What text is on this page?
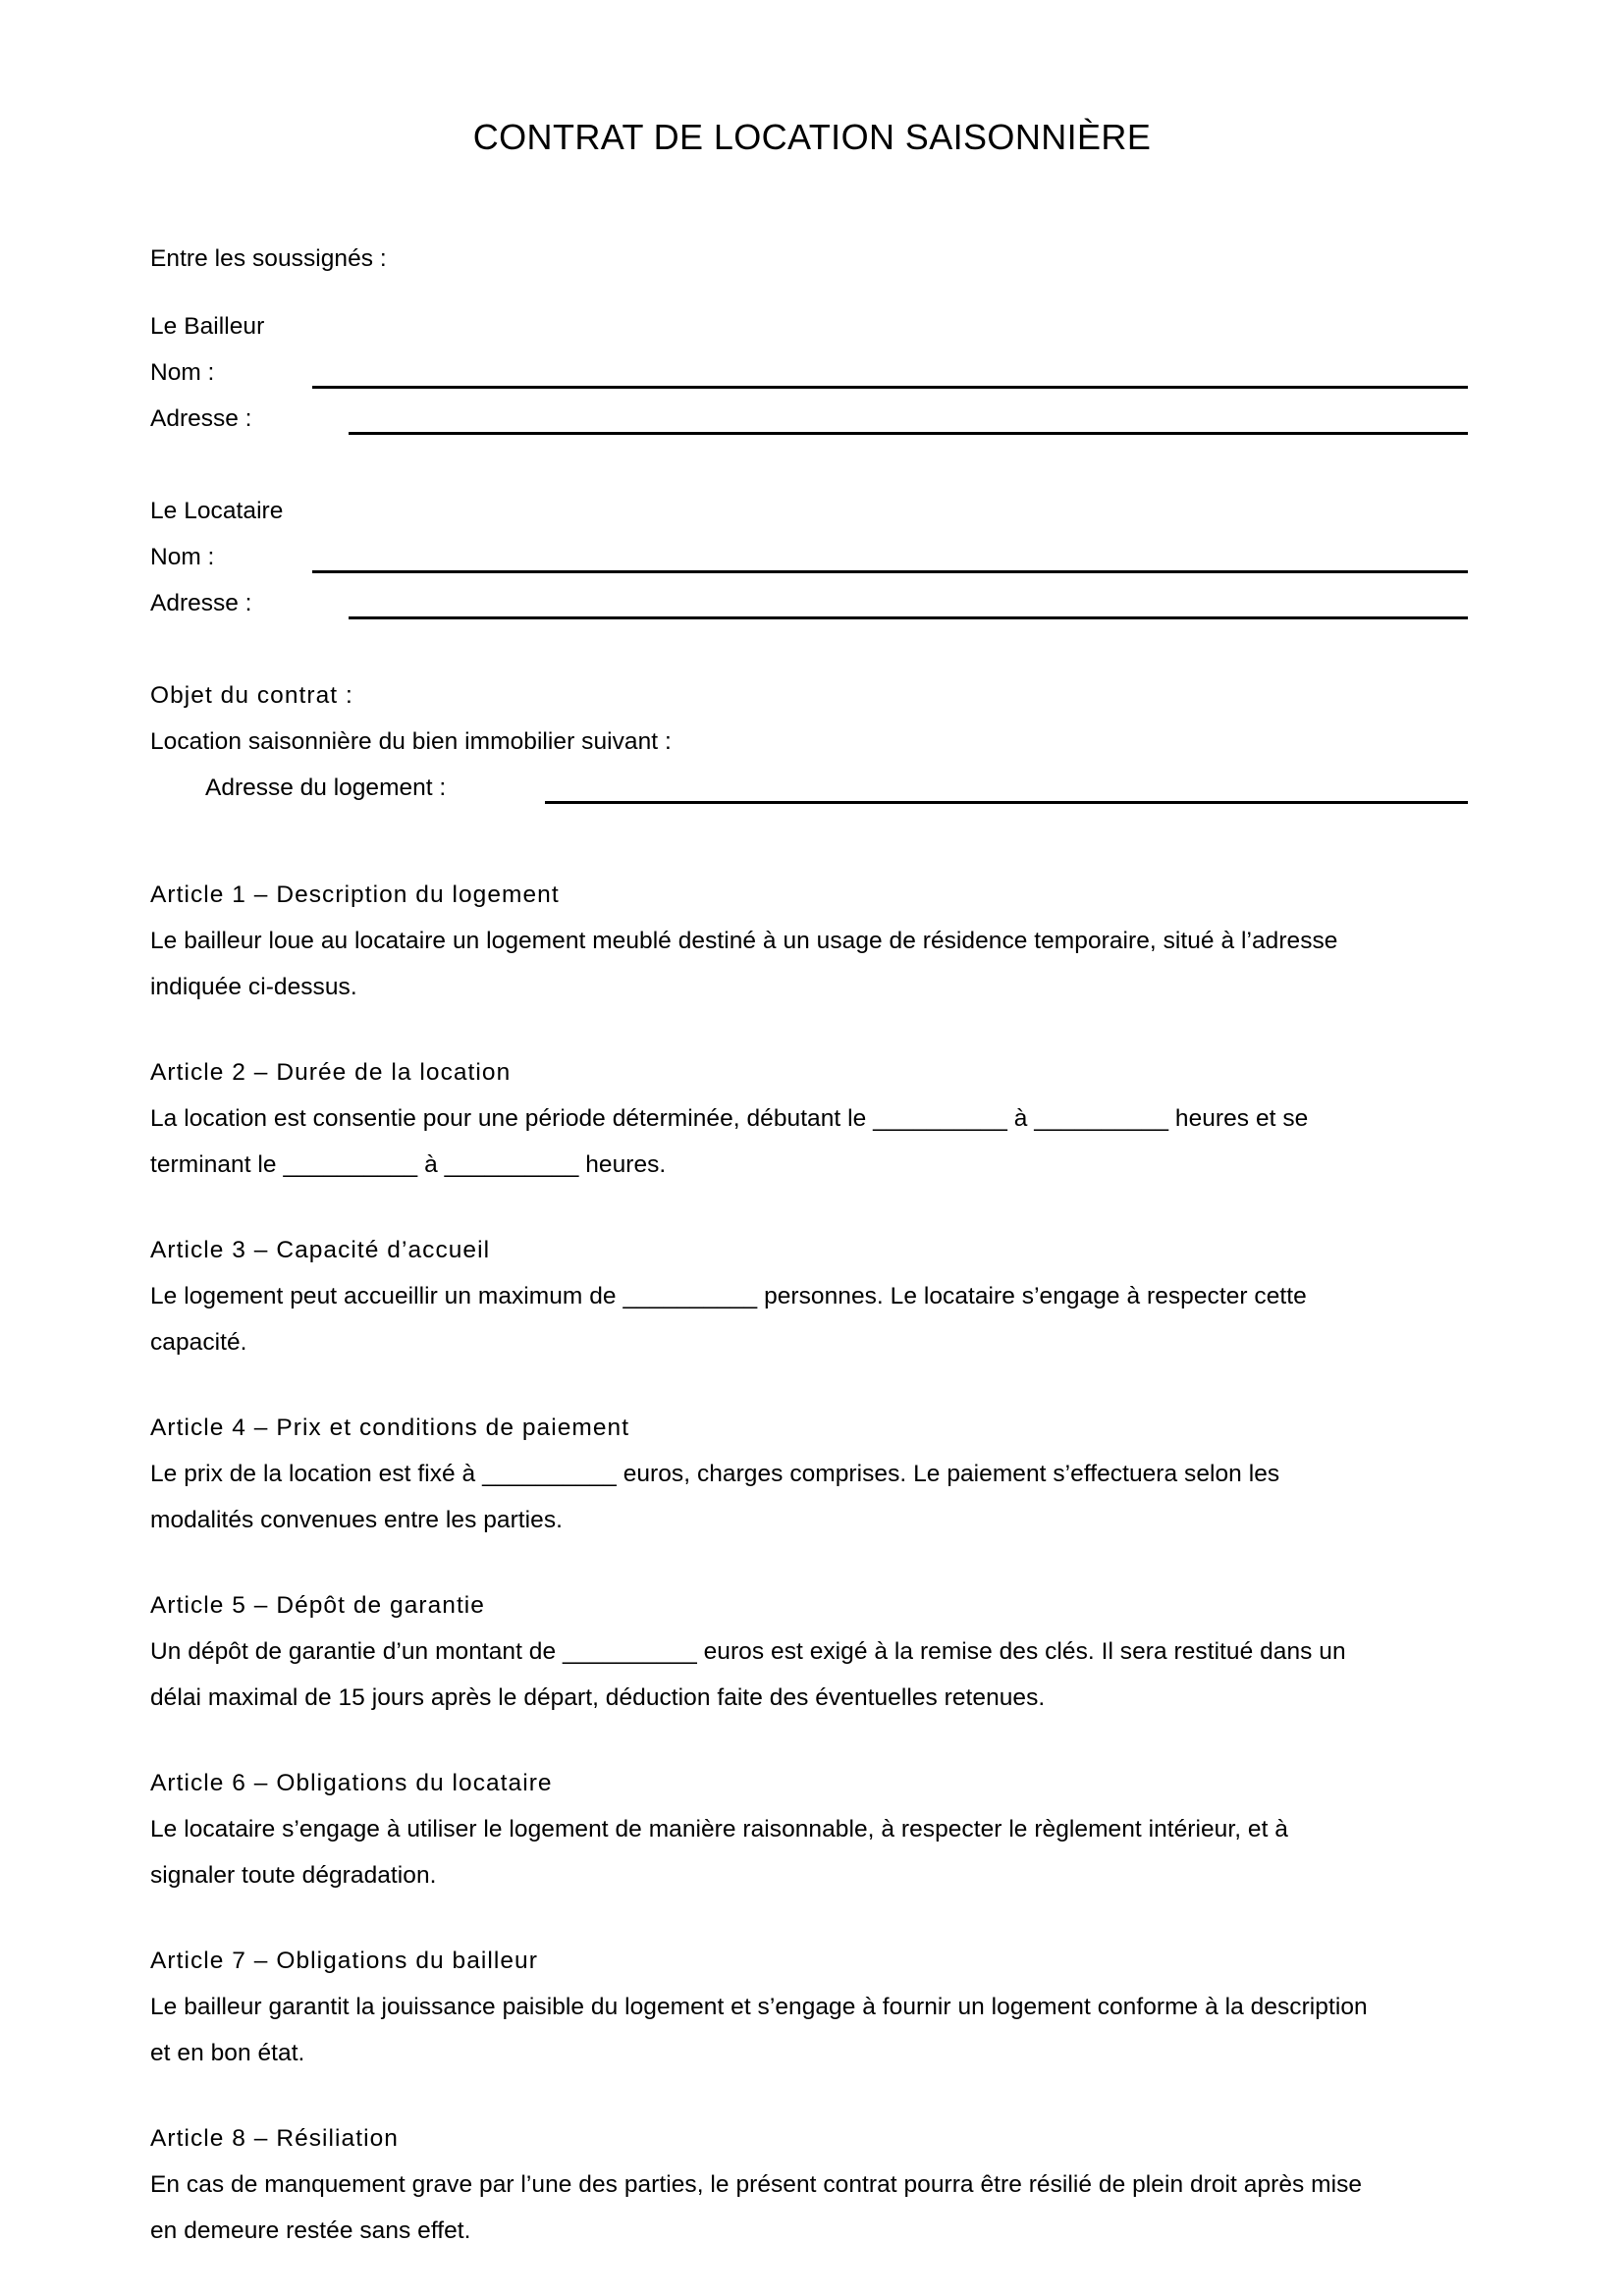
CONTRAT DE LOCATION SAISONNIÈRE

Entre les soussignés :

Le Bailleur

Nom :
Adresse :

Le Locataire

Nom :
Adresse :

Objet du contrat :

Location saisonnière du bien immobilier suivant :

Adresse du logement :

Article 1 – Description du logement

Le bailleur loue au locataire un logement meublé destiné à un usage de résidence temporaire, situé à l’adresse indiquée ci-dessus.

Article 2 – Durée de la location

La location est consentie pour une période déterminée, débutant le __________ à __________ heures et se terminant le __________ à __________ heures.

Article 3 – Capacité d’accueil

Le logement peut accueillir un maximum de __________ personnes. Le locataire s’engage à respecter cette capacité.

Article 4 – Prix et conditions de paiement

Le prix de la location est fixé à __________ euros, charges comprises. Le paiement s’effectuera selon les modalités convenues entre les parties.

Article 5 – Dépôt de garantie

Un dépôt de garantie d’un montant de __________ euros est exigé à la remise des clés. Il sera restitué dans un délai maximal de 15 jours après le départ, déduction faite des éventuelles retenues.

Article 6 – Obligations du locataire

Le locataire s’engage à utiliser le logement de manière raisonnable, à respecter le règlement intérieur, et à signaler toute dégradation.

Article 7 – Obligations du bailleur

Le bailleur garantit la jouissance paisible du logement et s’engage à fournir un logement conforme à la description et en bon état.

Article 8 – Résiliation

En cas de manquement grave par l’une des parties, le présent contrat pourra être résilié de plein droit après mise en demeure restée sans effet.
